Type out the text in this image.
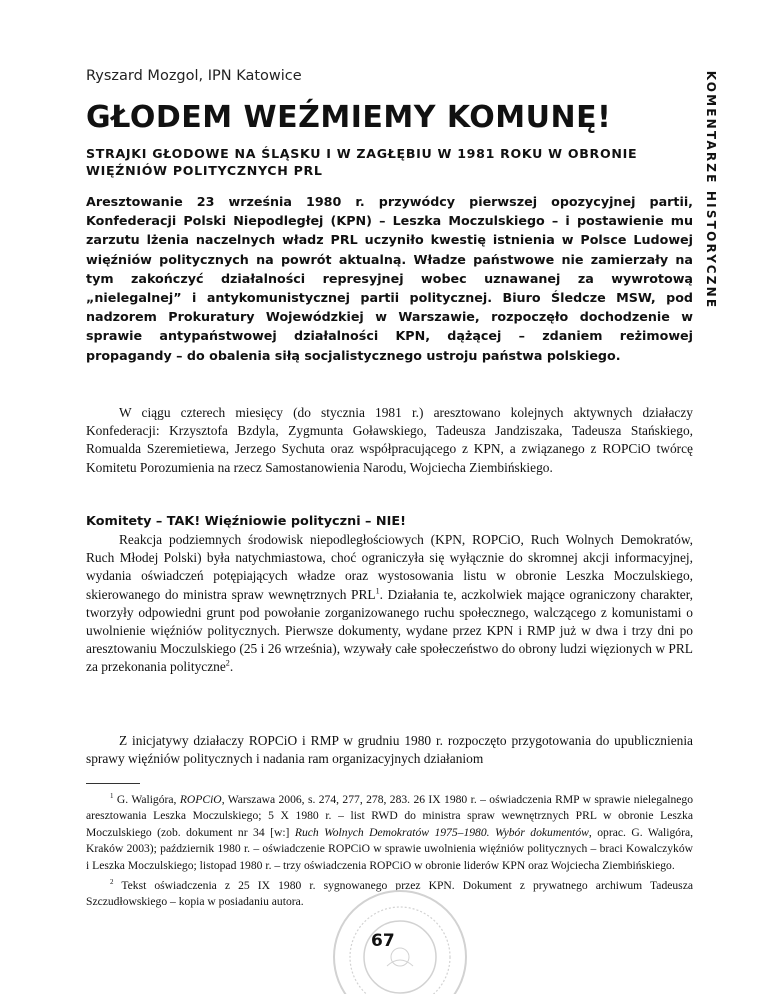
Ryszard Mozgol, IPN Katowice	KOMENTARZE HISTORYCZNE
GŁODEM WEŹMIEMY KOMUNĘ!
STRAJKI GŁODOWE NA ŚLĄSKU I W ZAGŁĘBIU W 1981 ROKU W OBRONIE WIĘŹNIÓW POLITYCZNYCH PRL

Aresztowanie 23 września 1980 r. przywódcy pierwszej opozycyjnej partii, Konfederacji Polski Niepodległej (KPN) – Leszka Moczulskiego – i postawienie mu zarzutu lżenia naczelnych władz PRL uczyniło kwestię istnienia w Polsce Ludowej więźniów politycznych na powrót aktualną. Władze państwowe nie zamierzały na tym zakończyć działalności represyjnej wobec uznawanej za wywrotową „nielegalnej” i antykomunistycznej partii politycznej. Biuro Śledcze MSW, pod nadzorem Prokuratury Wojewódzkiej w Warszawie, rozpoczęło dochodzenie w sprawie antypaństwowej działalności KPN, dążącej – zdaniem reżimowej propagandy – do obalenia siłą socjalistycznego ustroju państwa polskiego.

W ciągu czterech miesięcy (do stycznia 1981 r.) aresztowano kolejnych aktywnych działaczy Konfederacji: Krzysztofa Bzdyla, Zygmunta Goławskiego, Tadeusza Jandziszaka, Tadeusza Stańskiego, Romualda Szeremietiewa, Jerzego Sychuta oraz współpracującego z KPN, a związanego z ROPCiO twórcę Komitetu Porozumienia na rzecz Samostanowienia Narodu, Wojciecha Ziembińskiego.

Komitety – TAK! Więźniowie polityczni – NIE!

Reakcja podziemnych środowisk niepodległościowych (KPN, ROPCiO, Ruch Wolnych Demokratów, Ruch Młodej Polski) była natychmiastowa, choć ograniczyła się wyłącznie do skromnej akcji informacyjnej, wydania oświadczeń potępiających władze oraz wystosowania listu w obronie Leszka Moczulskiego, skierowanego do ministra spraw wewnętrznych PRL$^1$. Działania te, aczkolwiek mające ograniczony charakter, tworzyły odpowiedni grunt pod powołanie zorganizowanego ruchu społecznego, walczącego z komunistami o uwolnienie więźniów politycznych. Pierwsze dokumenty, wydane przez KPN i RMP już w dwa i trzy dni po aresztowaniu Moczulskiego (25 i 26 września), wzywały całe społeczeństwo do obrony ludzi więzionych w PRL za przekonania polityczne$^2$.

Z inicjatywy działaczy ROPCiO i RMP w grudniu 1980 r. rozpoczęto przygotowania do upublicznienia sprawy więźniów politycznych i nadania ram organizacyjnych działaniom

$^1$ G. Waligóra, ROPCiO, Warszawa 2006, s. 274, 277, 278, 283. 26 IX 1980 r. – oświadczenia RMP w sprawie nielegalnego aresztowania Leszka Moczulskiego; 5 X 1980 r. – list RWD do ministra spraw wewnętrznych PRL w obronie Leszka Moczulskiego (zob. dokument nr 34 [w:] Ruch Wolnych Demokratów 1975–1980. Wybór dokumentów, oprac. G. Waligóra, Kraków 2003); październik 1980 r. – oświadczenie ROPCiO w sprawie uwolnienia więźniów politycznych – braci Kowalczyków i Leszka Moczulskiego; listopad 1980 r. – trzy oświadczenia ROPCiO w obronie liderów KPN oraz Wojciecha Ziembińskiego.

$^2$ Tekst oświadczenia z 25 IX 1980 r. sygnowanego przez KPN. Dokument z prywatnego archiwum Tadeusza Szczudłowskiego – kopia w posiadaniu autora.

67
